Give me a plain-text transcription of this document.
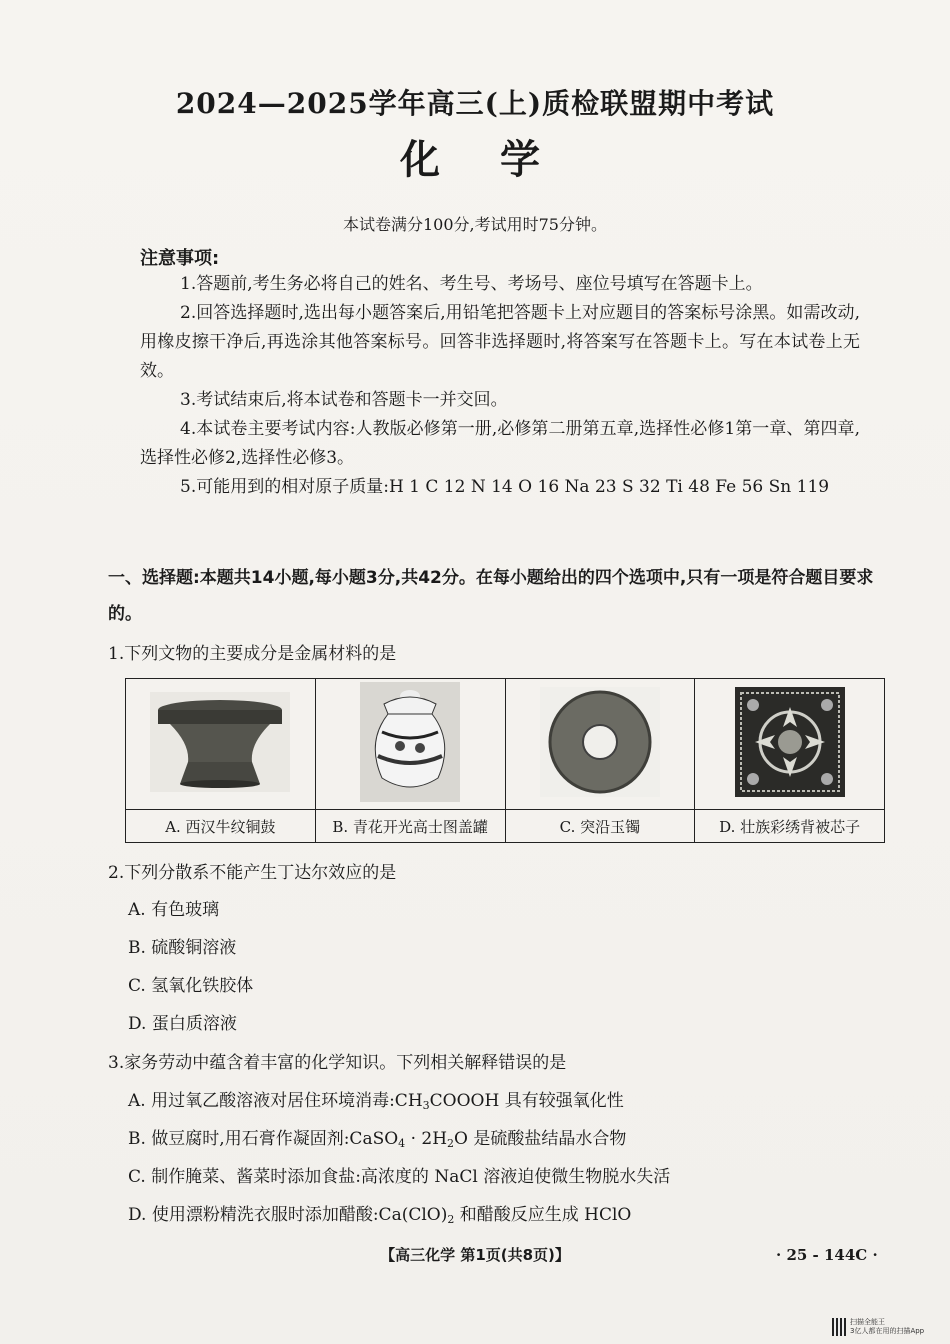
2024—2025学年高三(上)质检联盟期中考试
化学
本试卷满分100分,考试用时75分钟。
注意事项:
1.答题前,考生务必将自己的姓名、考生号、考场号、座位号填写在答题卡上。
2.回答选择题时,选出每小题答案后,用铅笔把答题卡上对应题目的答案标号涂黑。如需改动,用橡皮擦干净后,再选涂其他答案标号。回答非选择题时,将答案写在答题卡上。写在本试卷上无效。
3.考试结束后,将本试卷和答题卡一并交回。
4.本试卷主要考试内容:人教版必修第一册,必修第二册第五章,选择性必修1第一章、第四章,选择性必修2,选择性必修3。
5.可能用到的相对原子质量:H 1 C 12 N 14 O 16 Na 23 S 32 Ti 48 Fe 56 Sn 119
一、选择题:本题共14小题,每小题3分,共42分。在每小题给出的四个选项中,只有一项是符合题目要求的。
1.下列文物的主要成分是金属材料的是

A. 西汉牛纹铜鼓	B. 青花开光高士图盖罐	C. 突沿玉镯	D. 壮族彩绣背被芯子
2.下列分散系不能产生丁达尔效应的是
A. 有色玻璃
B. 硫酸铜溶液
C. 氢氧化铁胶体
D. 蛋白质溶液
3.家务劳动中蕴含着丰富的化学知识。下列相关解释错误的是
A. 用过氧乙酸溶液对居住环境消毒$:CH_3COOOH$ 具有较强氧化性
B. 做豆腐时,用石膏作凝固剂:CaSO$_4$ · $2H_2O$ 是硫酸盐结晶水合物
C. 制作腌菜、酱菜时添加食盐:高浓度的 NaCl 溶液迫使微生物脱水失活
D. 使用漂粉精洗衣服时添加醋酸$:Ca(ClO)_2$ 和醋酸反应生成 HClO
【高三化学 第1页(共8页)】	· 25 - 144C ·
扫描全能王
3亿人都在用的扫描App
